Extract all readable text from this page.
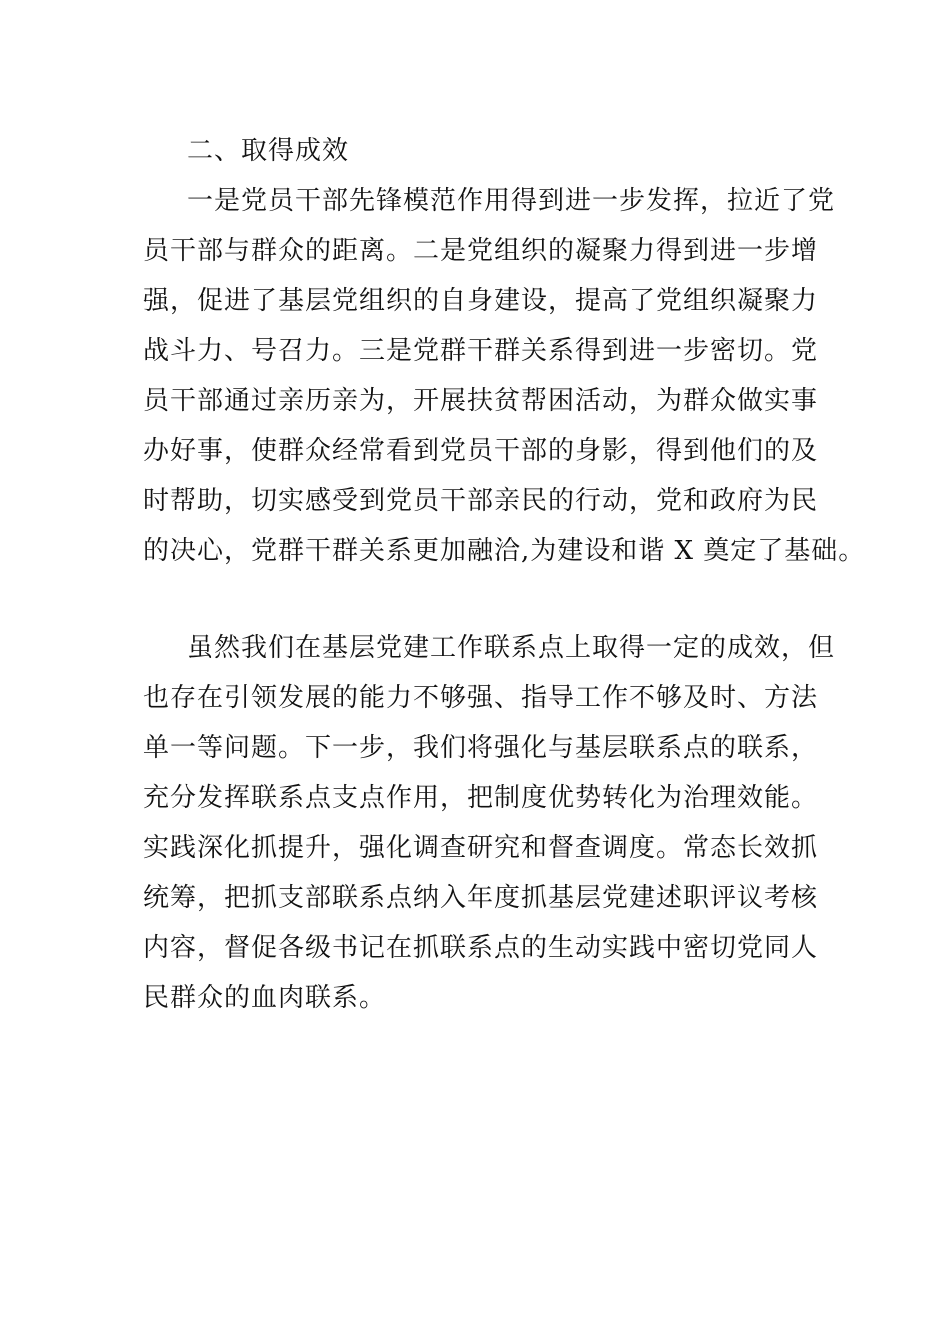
二、取得成效
一是党员干部先锋模范作用得到进一步发挥，拉近了党
员干部与群众的距离。二是党组织的凝聚力得到进一步增
强，促进了基层党组织的自身建设，提高了党组织凝聚力
战斗力、号召力。三是党群干群关系得到进一步密切。党
员干部通过亲历亲为，开展扶贫帮困活动，为群众做实事
办好事，使群众经常看到党员干部的身影，得到他们的及
时帮助，切实感受到党员干部亲民的行动，党和政府为民
的决心，党群干群关系更加融洽,为建设和谐 X 奠定了基础。
虽然我们在基层党建工作联系点上取得一定的成效，但
也存在引领发展的能力不够强、指导工作不够及时、方法
单一等问题。下一步，我们将强化与基层联系点的联系，
充分发挥联系点支点作用，把制度优势转化为治理效能。
实践深化抓提升，强化调查研究和督查调度。常态长效抓
统筹，把抓支部联系点纳入年度抓基层党建述职评议考核
内容，督促各级书记在抓联系点的生动实践中密切党同人
民群众的血肉联系。
